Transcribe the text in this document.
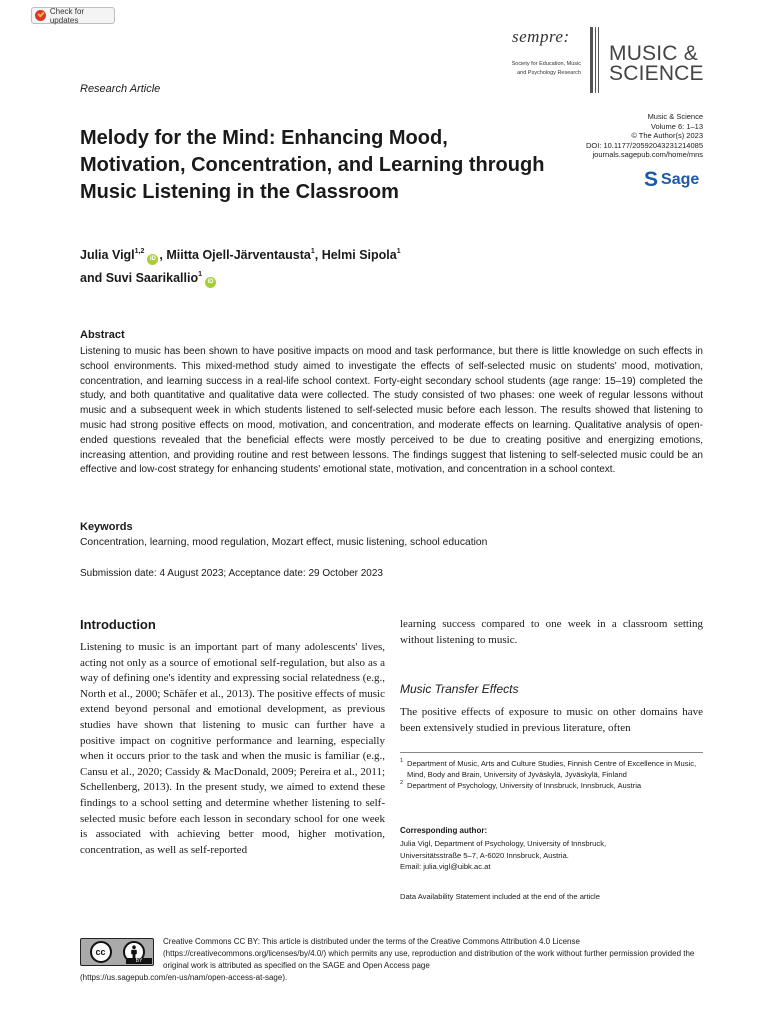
Check for updates
sempre:
Society for Education, Music
and Psychology Research
MUSIC &
SCIENCE
Research Article
Melody for the Mind: Enhancing Mood, Motivation, Concentration, and Learning through Music Listening in the Classroom
Music & Science
Volume 6: 1–13
© The Author(s) 2023
DOI: 10.1177/20592043231214085
journals.sagepub.com/home/mns
S Sage
Julia Vigl$^{1,2}$iD , Miitta Ojell-Järventausta$^1$, Helmi Sipola$^1$
and Suvi Saarikallio$^1$iD
Abstract
Listening to music has been shown to have positive impacts on mood and task performance, but there is little knowledge on such effects in school environments. This mixed-method study aimed to investigate the effects of self-selected music on students' mood, motivation, concentration, and learning success in a real-life school context. Forty-eight secondary school students (age range: 15–19) completed the study, and both quantitative and qualitative data were collected. The study consisted of two phases: one week of regular lessons without music and a subsequent week in which students listened to self-selected music before each lesson. The results showed that listening to music had strong positive effects on mood, motivation, and concentration, and moderate effects on learning. Qualitative analysis of open-ended questions revealed that the beneficial effects were mostly perceived to be due to creating positive and energizing emotions, increasing attention, and providing routine and rest between lessons. The findings suggest that listening to self-selected music could be an effective and low-cost strategy for enhancing students' emotional state, motivation, and concentration in a school context.
Keywords
Concentration, learning, mood regulation, Mozart effect, music listening, school education
Submission date: 4 August 2023; Acceptance date: 29 October 2023
Introduction
Listening to music is an important part of many adolescents' lives, acting not only as a source of emotional self-regulation, but also as a way of defining one's identity and expressing social relatedness (e.g., North et al., 2000; Schäfer et al., 2013). The positive effects of music extend beyond personal and emotional development, as previous studies have shown that listening to music can further have a positive impact on cognitive performance and learning, especially when it occurs prior to the task and when the music is familiar (e.g., Cansu et al., 2020; Cassidy & MacDonald, 2009; Pereira et al., 2011; Schellenberg, 2013). In the present study, we aimed to extend these findings to a school setting and determine whether listening to self-selected music before each lesson in secondary school for one week is associated with achieving better mood, higher motivation, concentration, as well as self-reported
learning success compared to one week in a classroom setting without listening to music.
Music Transfer Effects
The positive effects of exposure to music on other domains have been extensively studied in previous literature, often
1 Department of Music, Arts and Culture Studies, Finnish Centre of Excellence in Music, Mind, Body and Brain, University of Jyväskylä, Jyväskylä, Finland
2 Department of Psychology, University of Innsbruck, Innsbruck, Austria
Corresponding author:
Julia Vigl, Department of Psychology, University of Innsbruck,
Universitätsstraße 5–7, A-6020 Innsbruck, Austria.
Email: julia.vigl@uibk.ac.at
Data Availability Statement included at the end of the article
cc
BY
Creative Commons CC BY: This article is distributed under the terms of the Creative Commons Attribution 4.0 License (https://creativecommons.org/licenses/by/4.0/) which permits any use, reproduction and distribution of the work without further permission provided the original work is attributed as specified on the SAGE and Open Access page
(https://us.sagepub.com/en-us/nam/open-access-at-sage).
